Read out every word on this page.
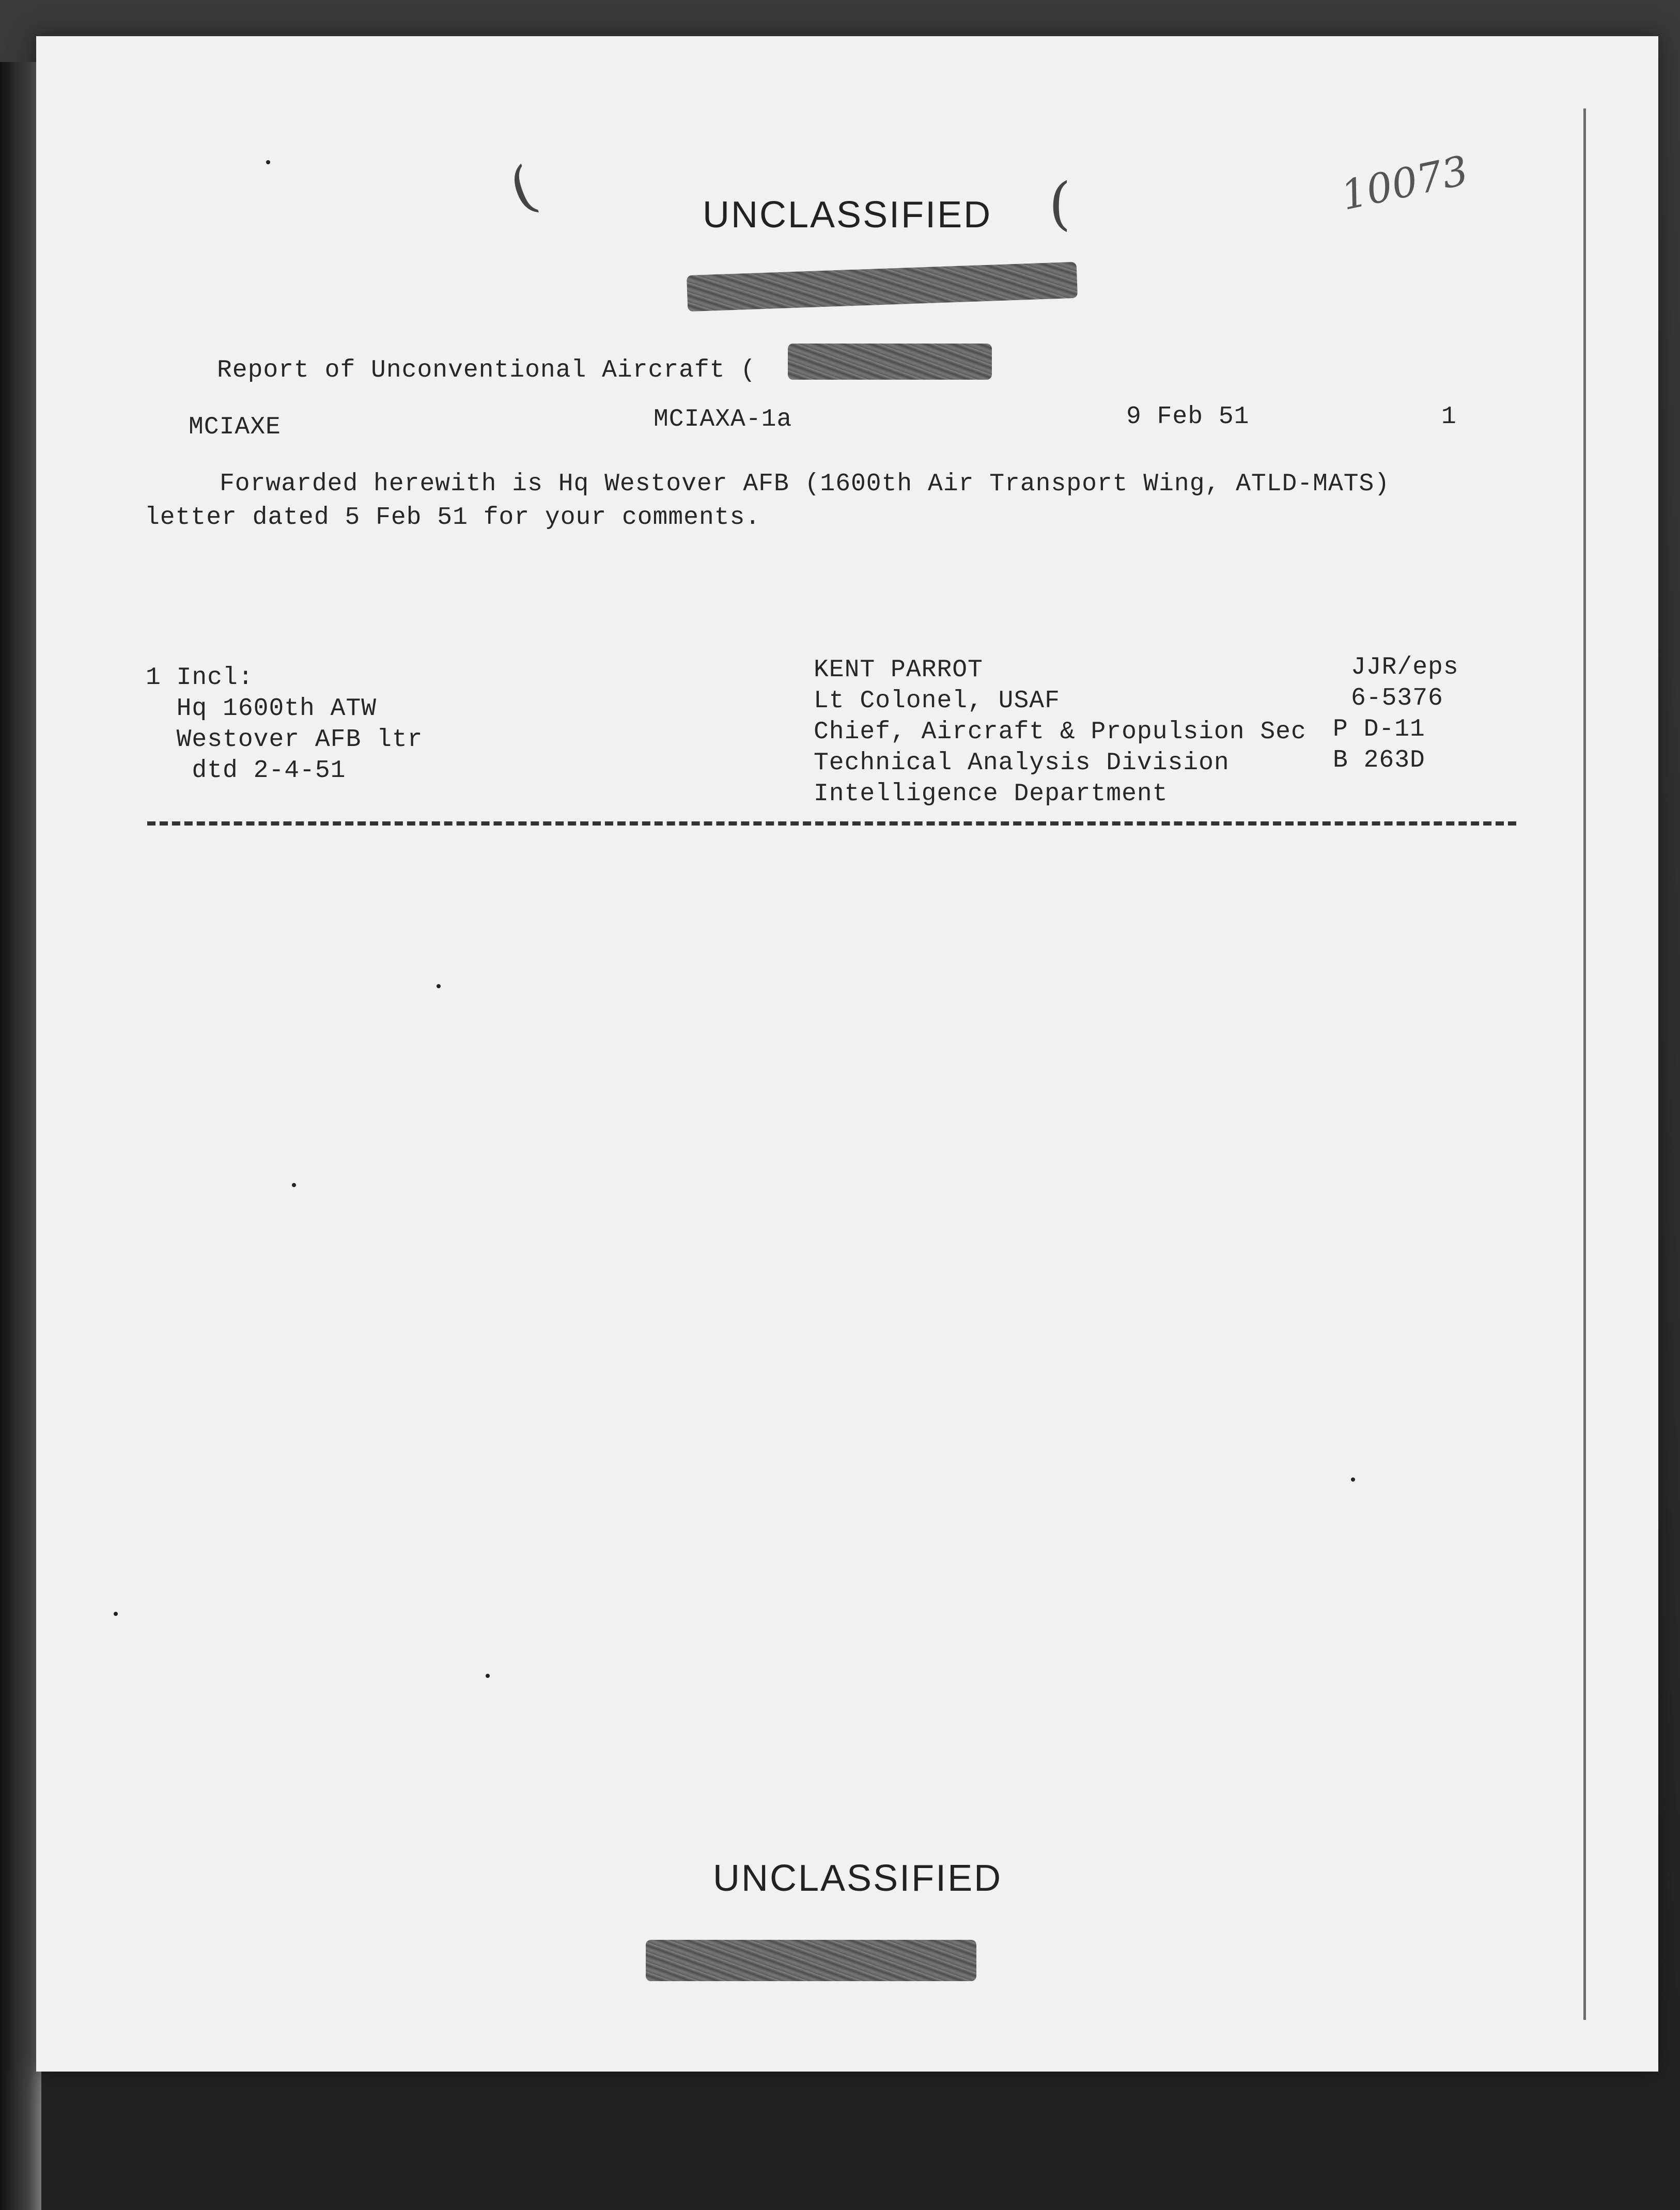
(	(	10073
UNCLASSIFIED
Report of Unconventional Aircraft (
MCIAXE	MCIAXA-1a	9 Feb 51	1
Forwarded herewith is Hq Westover AFB (1600th Air Transport Wing, ATLD-MATS)
letter dated 5 Feb 51 for your comments.
1 Incl:
Hq 1600th ATW
Westover AFB ltr
dtd 2-4-51
KENT PARROT
Lt Colonel, USAF
Chief, Aircraft & Propulsion Sec
Technical Analysis Division
Intelligence Department
JJR/eps
6-5376
P D-11
B 263D
UNCLASSIFIED
